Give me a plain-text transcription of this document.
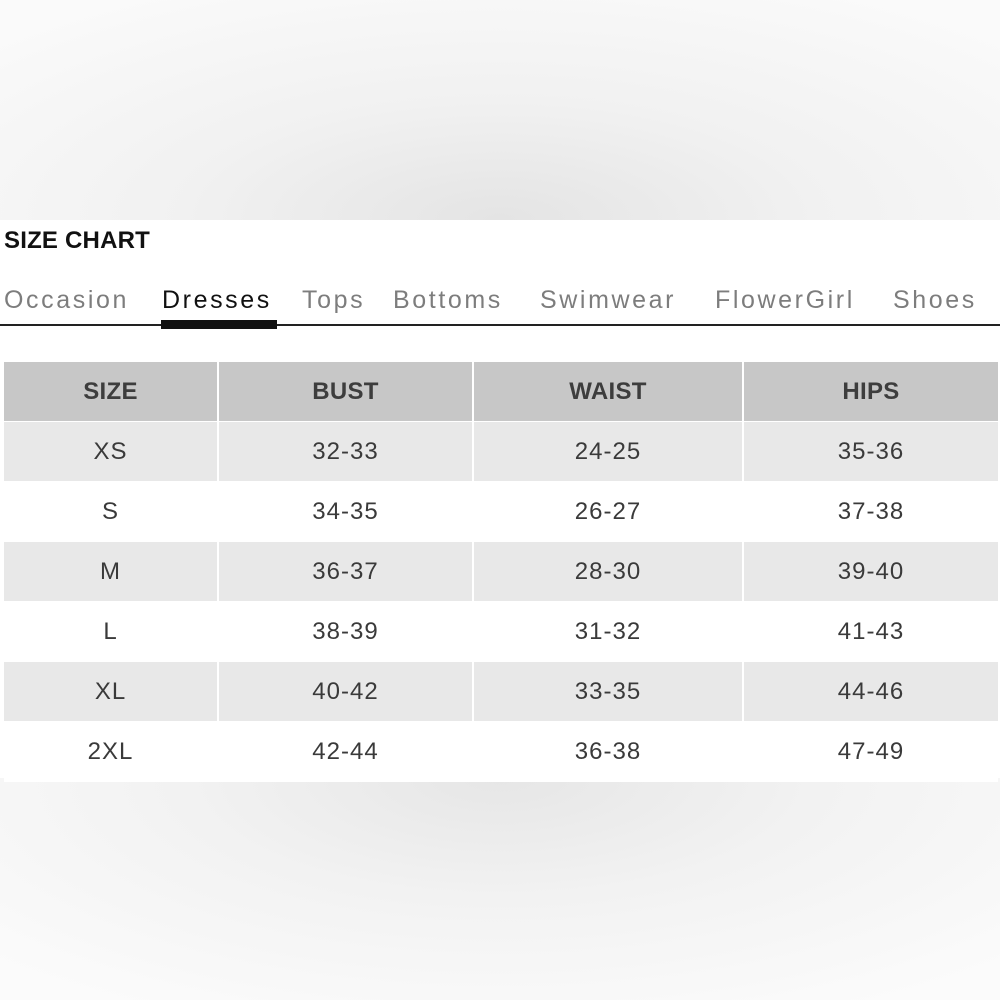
SIZE CHART
Occasion Dresses Tops Bottoms Swimwear FlowerGirl Shoes
SIZE	BUST	WAIST	HIPS
XS	32-33	24-25	35-36
S	34-35	26-27	37-38
M	36-37	28-30	39-40
L	38-39	31-32	41-43
XL	40-42	33-35	44-46
2XL	42-44	36-38	47-49
